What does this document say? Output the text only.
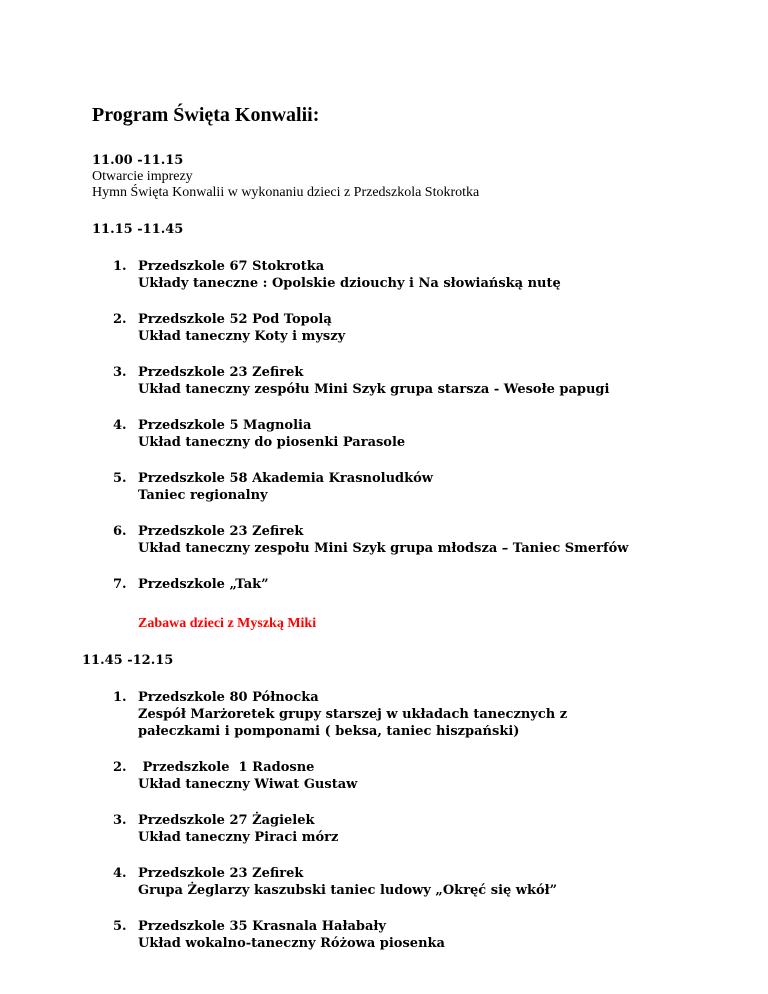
Program Święta Konwalii:

11.00 -11.15

Otwarcie imprezy

Hymn Święta Konwalii w wykonaniu dzieci z Przedszkola Stokrotka

11.15 -11.45

1. Przedszkole 67 Stokrotka
Układy taneczne : Opolskie dziouchy i Na słowiańską nutę
2. Przedszkole 52 Pod Topolą
Układ taneczny Koty i myszy
3. Przedszkole 23 Zefirek
Układ taneczny zespółu Mini Szyk grupa starsza - Wesołe papugi
4. Przedszkole 5 Magnolia
Układ taneczny do piosenki Parasole
5. Przedszkole 58 Akademia Krasnoludków
Taniec regionalny
6. Przedszkole 23 Zefirek
Układ taneczny zespołu Mini Szyk grupa młodsza – Taniec Smerfów
7. Przedszkole „Tak”

Zabawa dzieci z Myszką Miki

11.45 -12.15

1. Przedszkole 80 Północka
Zespół Marżoretek grupy starszej w układach tanecznych z
pałeczkami i pomponami ( beksa, taniec hiszpański)
2. Przedszkole  1 Radosne
Układ taneczny Wiwat Gustaw
3. Przedszkole 27 Żagielek
Układ taneczny Piraci mórz
4. Przedszkole 23 Zefirek
Grupa Żeglarzy kaszubski taniec ludowy „Okręć się wkół”
5. Przedszkole 35 Krasnala Hałabały
Układ wokalno-taneczny Różowa piosenka
